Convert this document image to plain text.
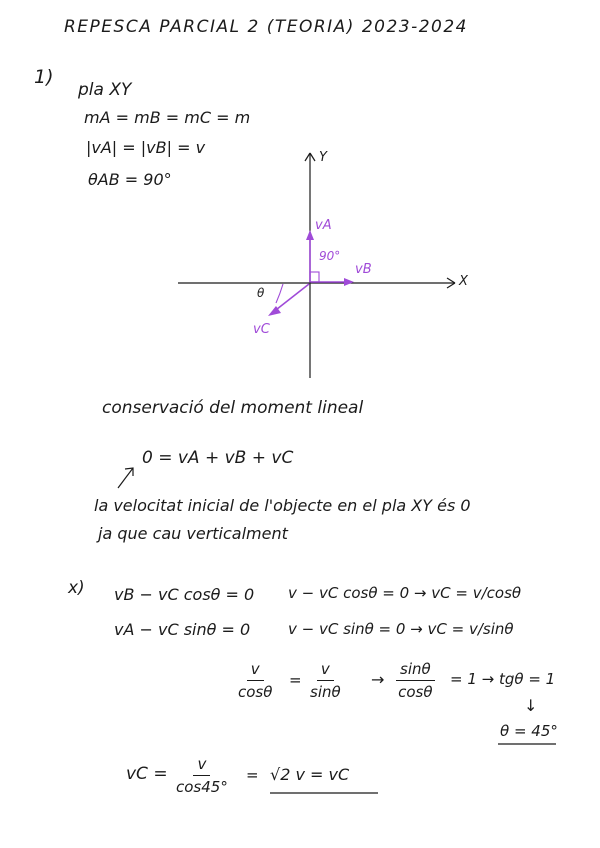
REPESCA PARCIAL 2 (TEORIA) 2023-2024
1)
pla XY
mA = mB = mC = m
|vA| = |vB| = v
θAB = 90°
Y
X
vA
vB
vC
90°
θ
conservació del moment lineal
0 = vA + vB + vC
la velocitat inicial de l'objecte en el pla XY és 0
ja que cau verticalment
x) vB − vC cosθ = 0 v − vC cosθ = 0 → vC = v/cosθ
vA − vC sinθ = 0	v − vC sinθ = 0 → vC = v/sinθ
$\frac{v}{\cos\theta} = \frac{v}{\sin\theta} \to \frac{\sin\theta}{\cos\theta} = 1 \to tg\theta = 1$
↓
θ = 45°
vC = $\frac{v}{\cos 45^\circ} = √2$ v = vC
